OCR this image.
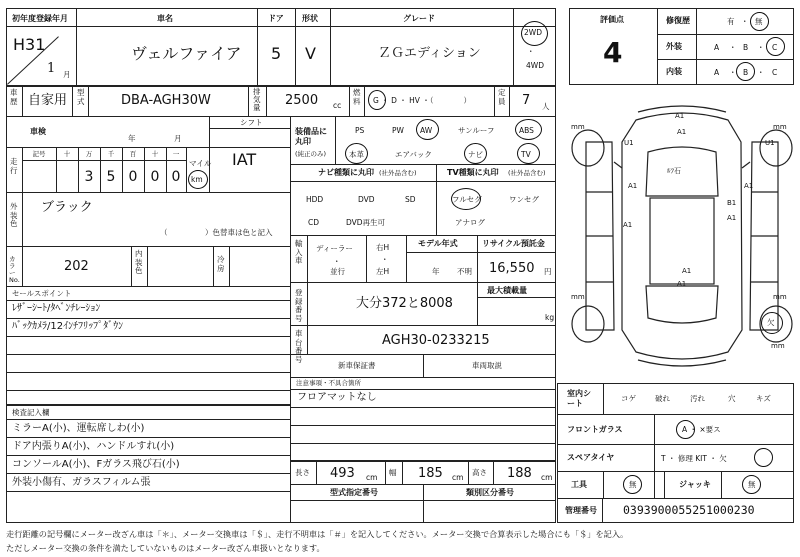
初年度登録年月	車名	ドア 形状	グレード
H31
1 月
ヴェルファイア 5 V	ＺＧエディション
2WD
・
4WD
車歴 自家用
型式	DBA-AGH30W
排気量 2500 cc
燃料 G ・ D ・ HV ・（　　　　）
定員 7 人
車検
年	月
シフト
IAT
走行
記号	十	万
3
千
5
百
0
十
0
一
0
マイル
km
外装色
ブラック
（　　　　　）色替車は色と記入
カラーNo.
202
内装色
冷房
セールスポイント
ﾚｻﾞｰｼｰﾄ/ﾀﾍﾞﾝﾁﾚｰｼｮﾝ
ﾊﾞｯｸｶﾒﾗ/12ｲﾝﾁﾌﾘｯﾌﾟﾀﾞｳﾝ
検査記入欄
ミラーA(小)、運転席しわ(小)
ドア内張りA(小)、ハンドルすれ(小)
コンソールA(小)、Fガラス飛び石(小)
外装小傷有、ガラスフィルム張
装備品に丸印
(純正のみ)
PS	PW AW	サンルーフ	ABS
本革	エアバック	ナビ	TV
ナビ種類に丸印 (社外品含む)	TV種類に丸印 (社外品含む)
HDD	DVD	SD
CD	DVD再生可
フルセグ	ワンセグ
アナログ
輸入車
ディーラー
・
並行
右H
・
左H
モデル年式
年 不明
リサイクル預託金
16,550 円
登録番号
大分372と8008
最大積載量
kg
車台番号
AGH30-0233215
新車保証書	車両取説
注意事項・不具合箇所
フロアマットなし
長さ 493 cm
幅 185 cm
高さ 188 cm
型式指定番号	類別区分番号
評価点
4
修復歴	有 ・ 無
外装	A ・ B ・ C
内装	A ・ B ・ C
A1
A1
U1	U1
A1	A1
ﾙﾌ石
A1
B1
A1
A1
A1
mm	mm
mm	mm
mm
欠
室内シート
コゲ	破れ	汚れ	穴	キズ
フロントガラス	A ・ ×要ス
スペアタイヤ	T ・ 修理 KIT ・ 欠
工具	無	ジャッキ	無
管理番号 0393900055251000230
走行距離の記号欄にメーター改ざん車は「＊」、メーター交換車は「＄」、走行不明車は「＃」を記入してください。メーター交換で合算表示した場合にも「＄」を記入。
ただしメーター交換の条件を満たしていないものはメーター改ざん車扱いとなります。
